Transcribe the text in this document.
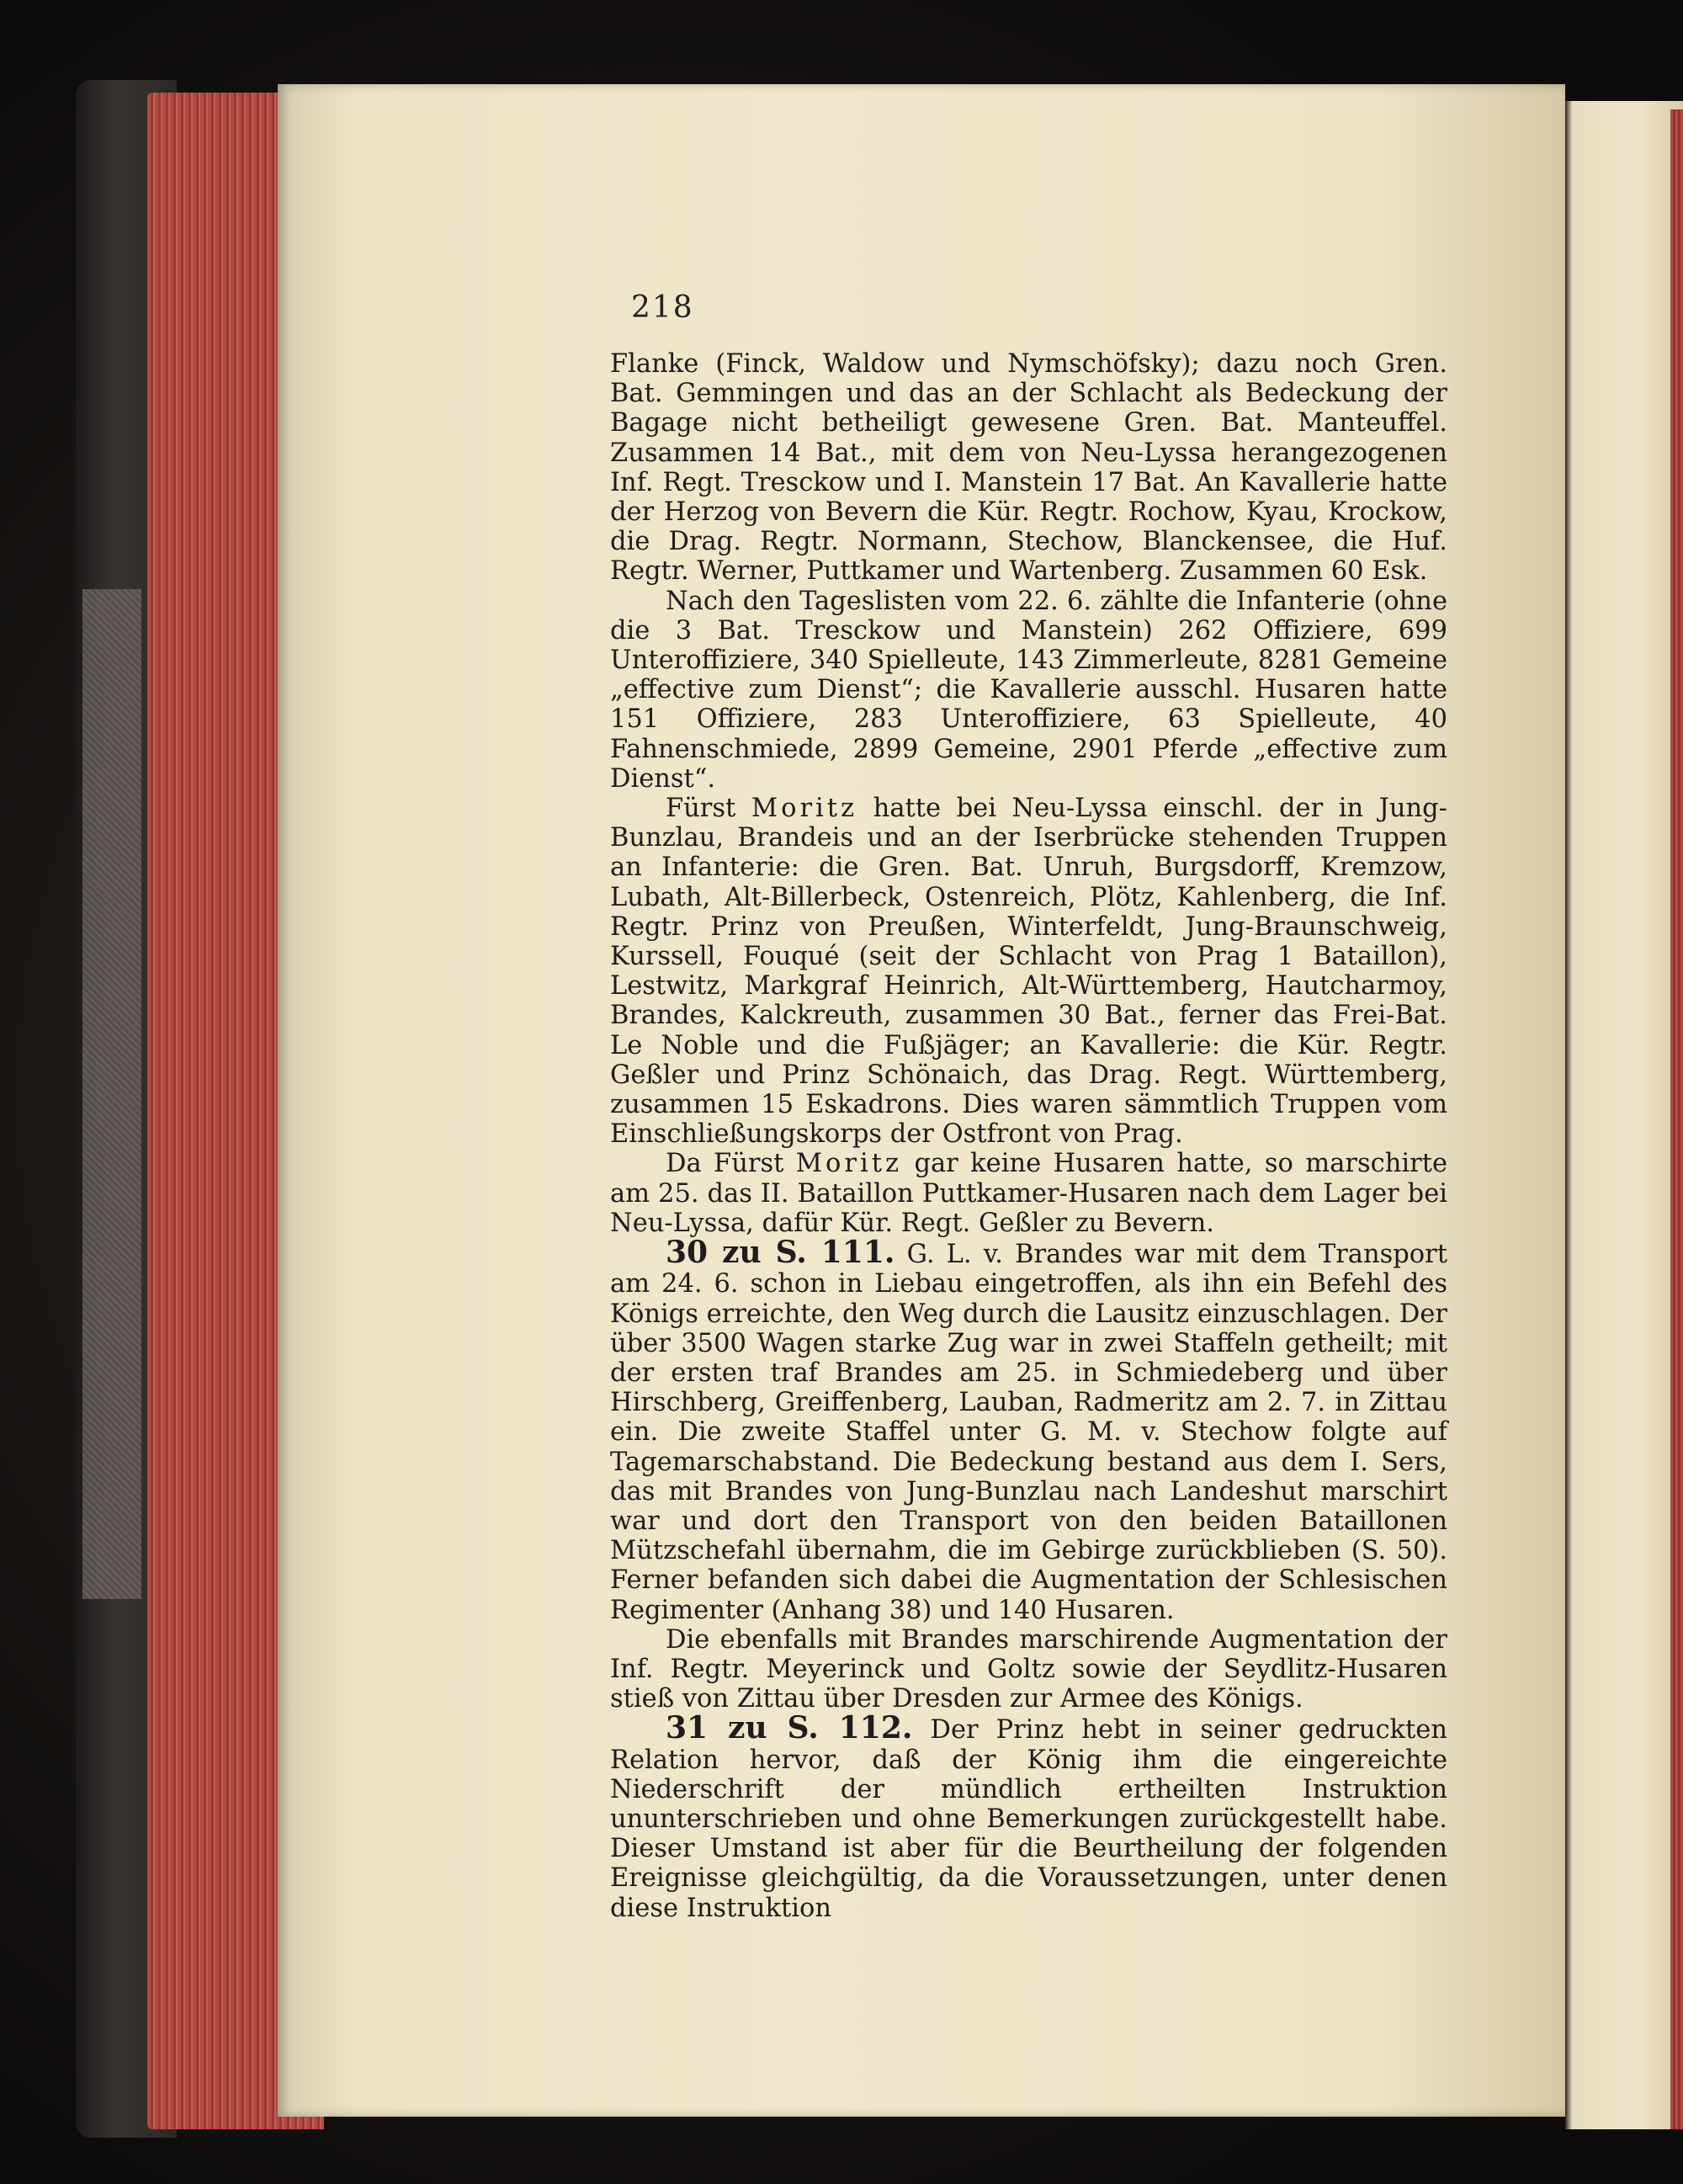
218

Flanke (Finck, Waldow und Nymschöfsky); dazu noch Gren. Bat. Gemmingen und das an der Schlacht als Bedeckung der Bagage nicht betheiligt gewesene Gren. Bat. Manteuffel. Zusammen 14 Bat., mit dem von Neu-Lyssa herangezogenen Inf. Regt. Tresckow und I. Manstein 17 Bat. An Kavallerie hatte der Herzog von Bevern die Kür. Regtr. Rochow, Kyau, Krockow, die Drag. Regtr. Normann, Stechow, Blanckensee, die Huf. Regtr. Werner, Puttkamer und Wartenberg. Zusammen 60 Esk.

Nach den Tageslisten vom 22. 6. zählte die Infanterie (ohne die 3 Bat. Tresckow und Manstein) 262 Offiziere, 699 Unteroffiziere, 340 Spielleute, 143 Zimmerleute, 8281 Gemeine „effective zum Dienst“; die Kavallerie ausschl. Husaren hatte 151 Offiziere, 283 Unteroffiziere, 63 Spielleute, 40 Fahnenschmiede, 2899 Gemeine, 2901 Pferde „effective zum Dienst“.

Fürst Moritz hatte bei Neu-Lyssa einschl. der in Jung-Bunzlau, Brandeis und an der Iserbrücke stehenden Truppen an Infanterie: die Gren. Bat. Unruh, Burgsdorff, Kremzow, Lubath, Alt-Billerbeck, Ostenreich, Plötz, Kahlenberg, die Inf. Regtr. Prinz von Preußen, Winterfeldt, Jung-Braunschweig, Kurssell, Fouqué (seit der Schlacht von Prag 1 Bataillon), Lestwitz, Markgraf Heinrich, Alt-Württemberg, Hautcharmoy, Brandes, Kalckreuth, zusammen 30 Bat., ferner das Frei-Bat. Le Noble und die Fußjäger; an Kavallerie: die Kür. Regtr. Geßler und Prinz Schönaich, das Drag. Regt. Württemberg, zusammen 15 Eskadrons. Dies waren sämmtlich Truppen vom Einschließungskorps der Ostfront von Prag.

Da Fürst Moritz gar keine Husaren hatte, so marschirte am 25. das II. Bataillon Puttkamer-Husaren nach dem Lager bei Neu-Lyssa, dafür Kür. Regt. Geßler zu Bevern.

30 zu S. 111. G. L. v. Brandes war mit dem Transport am 24. 6. schon in Liebau eingetroffen, als ihn ein Befehl des Königs erreichte, den Weg durch die Lausitz einzuschlagen. Der über 3500 Wagen starke Zug war in zwei Staffeln getheilt; mit der ersten traf Brandes am 25. in Schmiedeberg und über Hirschberg, Greiffenberg, Lauban, Radmeritz am 2. 7. in Zittau ein. Die zweite Staffel unter G. M. v. Stechow folgte auf Tagemarschabstand. Die Bedeckung bestand aus dem I. Sers, das mit Brandes von Jung-Bunzlau nach Landeshut marschirt war und dort den Transport von den beiden Bataillonen Mützschefahl übernahm, die im Gebirge zurückblieben (S. 50). Ferner befanden sich dabei die Augmentation der Schlesischen Regimenter (Anhang 38) und 140 Husaren.

Die ebenfalls mit Brandes marschirende Augmentation der Inf. Regtr. Meyerinck und Goltz sowie der Seydlitz-Husaren stieß von Zittau über Dresden zur Armee des Königs.

31 zu S. 112. Der Prinz hebt in seiner gedruckten Relation hervor, daß der König ihm die eingereichte Niederschrift der mündlich ertheilten Instruktion ununterschrieben und ohne Bemerkungen zurückgestellt habe. Dieser Umstand ist aber für die Beurtheilung der folgenden Ereignisse gleichgültig, da die Voraussetzungen, unter denen diese Instruktion
